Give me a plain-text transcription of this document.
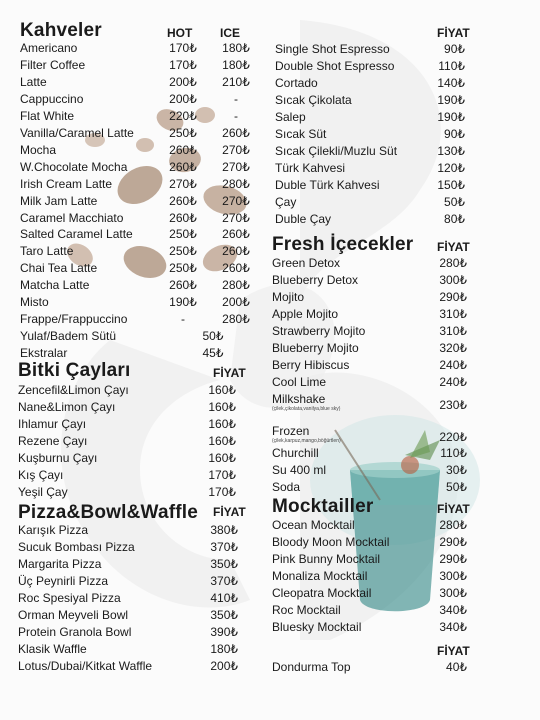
Kahveler	HOT ICE
Americano	170₺	180₺
Filter Coffee	170₺	180₺
Latte	200₺	210₺
Cappuccino	200₺	-
Flat White	220₺	-
Vanilla/Caramel Latte	250₺	260₺
Mocha	260₺	270₺
W.Chocolate Mocha	260₺	270₺
Irish Cream Latte	270₺	280₺
Milk Jam Latte	260₺	270₺
Caramel Macchiato	260₺	270₺
Salted Caramel Latte	250₺	260₺
Taro Latte	250₺	260₺
Chai Tea Latte	250₺	260₺
Matcha Latte	260₺	280₺
Misto	190₺	200₺
Frappe/Frappuccino	-	280₺
Yulaf/Badem Sütü	50₺
Ekstralar	45₺
FİYAT
Single Shot Espresso	90₺
Double Shot Espresso	110₺
Cortado	140₺
Sıcak Çikolata	190₺
Salep	190₺
Sıcak Süt	90₺
Sıcak Çilekli/Muzlu Süt	130₺
Türk Kahvesi	120₺
Duble Türk Kahvesi	150₺
Çay	50₺
Duble Çay	80₺
Fresh İçecekler	FİYAT
Green Detox	280₺
Blueberry Detox	300₺
Mojito	290₺
Apple Mojito	310₺
Strawberry Mojito	310₺
Blueberry Mojito	320₺
Berry Hibiscus	240₺
Cool Lime	240₺
Milkshake
(çilek,çikolata,vanilya,blue sky)	230₺
Frozen
(çilek,karpuz,mango,böğürtlen)	220₺
Churchill	110₺
Su 400 ml	30₺
Soda	50₺
Bitki Çayları	FİYAT
Zencefil&Limon Çayı	160₺
Nane&Limon Çayı	160₺
Ihlamur Çayı	160₺
Rezene Çayı	160₺
Kuşburnu Çayı	160₺
Kış Çayı	170₺
Yeşil Çay	170₺
Pizza&Bowl&Waffle	FİYAT
Karışık Pizza	380₺
Sucuk Bombası Pizza	370₺
Margarita Pizza	350₺
Üç Peynirli Pizza	370₺
Roc Spesiyal Pizza	410₺
Orman Meyveli Bowl	350₺
Protein Granola Bowl	390₺
Klasik Waffle	180₺
Lotus/Dubai/Kitkat Waffle	200₺
Mocktailler	FİYAT
Ocean Mocktail	280₺
Bloody Moon Mocktail	290₺
Pink Bunny Mocktail	290₺
Monaliza Mocktail	300₺
Cleopatra Mocktail	300₺
Roc Mocktail	340₺
Bluesky Mocktail	340₺
FİYAT
Dondurma Top	40₺
